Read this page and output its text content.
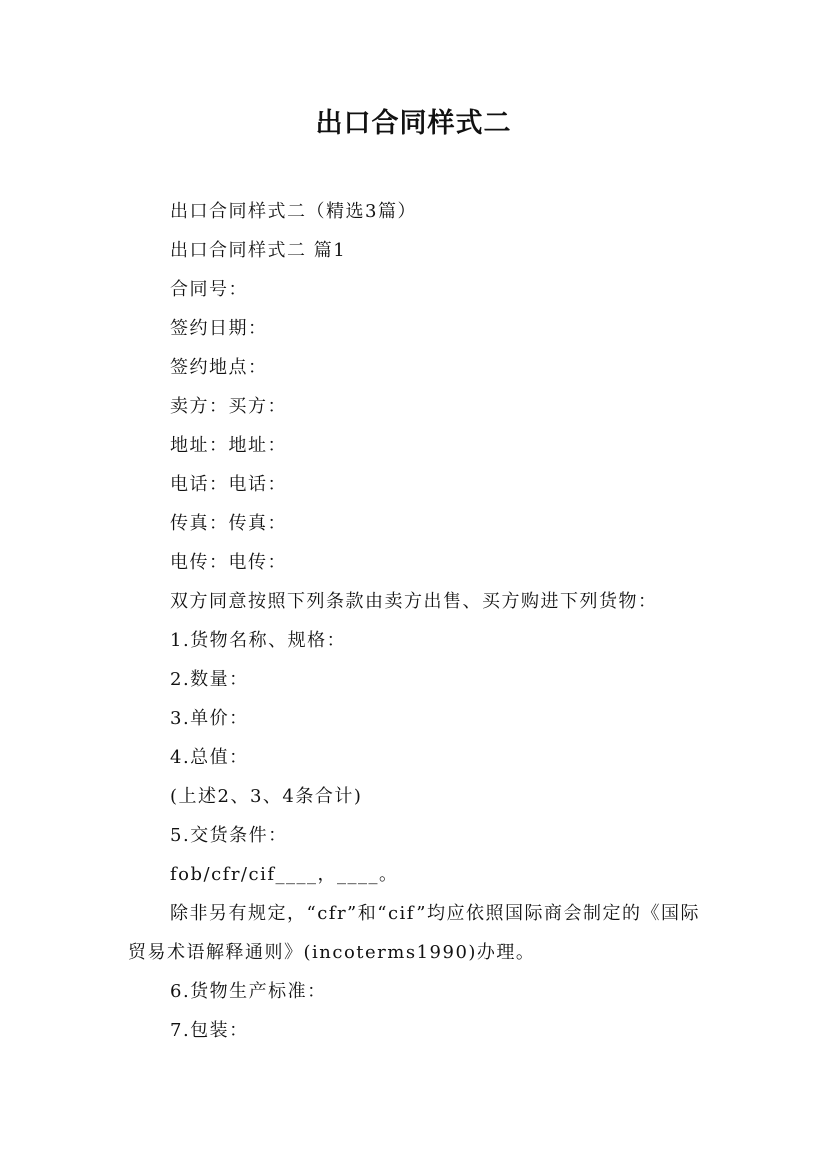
出口合同样式二

出口合同样式二（精选3篇）

出口合同样式二 篇1

合同号：

签约日期：

签约地点：

卖方：买方：

地址：地址：

电话：电话：

传真：传真：

电传：电传：

双方同意按照下列条款由卖方出售、买方购进下列货物：

1.货物名称、规格：

2.数量：

3.单价：

4.总值：

(上述2、3、4条合计)

5.交货条件：

fob/cfr/cif____，____。

除非另有规定，“cfr”和“cif”均应依照国际商会制定的《国际贸易术语解释通则》(incoterms1990)办理。

6.货物生产标准：

7.包装：
